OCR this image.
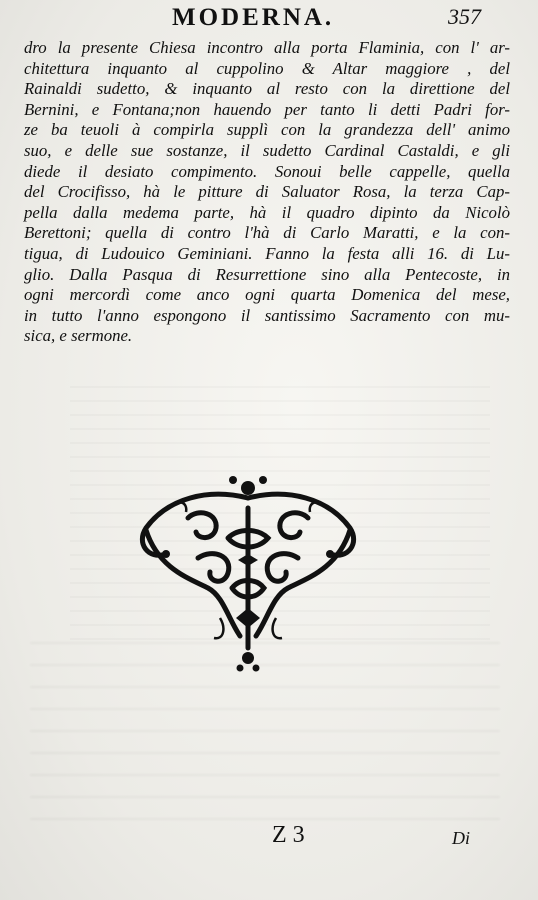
MODERNA.	357
dro la presente Chiesa incontro alla porta Flaminia, con l' ar-
chitettura inquanto al cuppolino & Altar maggiore , del
Rainaldi sudetto, & inquanto al resto con la direttione del
Bernini, e Fontana;non hauendo per tanto li detti Padri for-
ze ba teuoli à compirla supplì con la grandezza dell' animo
suo, e delle sue sostanze, il sudetto Cardinal Castaldi, e gli
diede il desiato compimento. Sonoui belle cappelle, quella
del Crocifisso, hà le pitture di Saluator Rosa, la terza Cap-
pella dalla medema parte, hà il quadro dipinto da Nicolò
Berettoni; quella di contro l'hà di Carlo Maratti, e la con-
tigua, di Ludouico Geminiani. Fanno la festa alli 16. di Lu-
glio. Dalla Pasqua di Resurrettione sino alla Pentecoste, in
ogni mercordì come anco ogni quarta Domenica del mese,
in tutto l'anno espongono il santissimo Sacramento con mu-
sica, e sermone.
Z 3	Di
